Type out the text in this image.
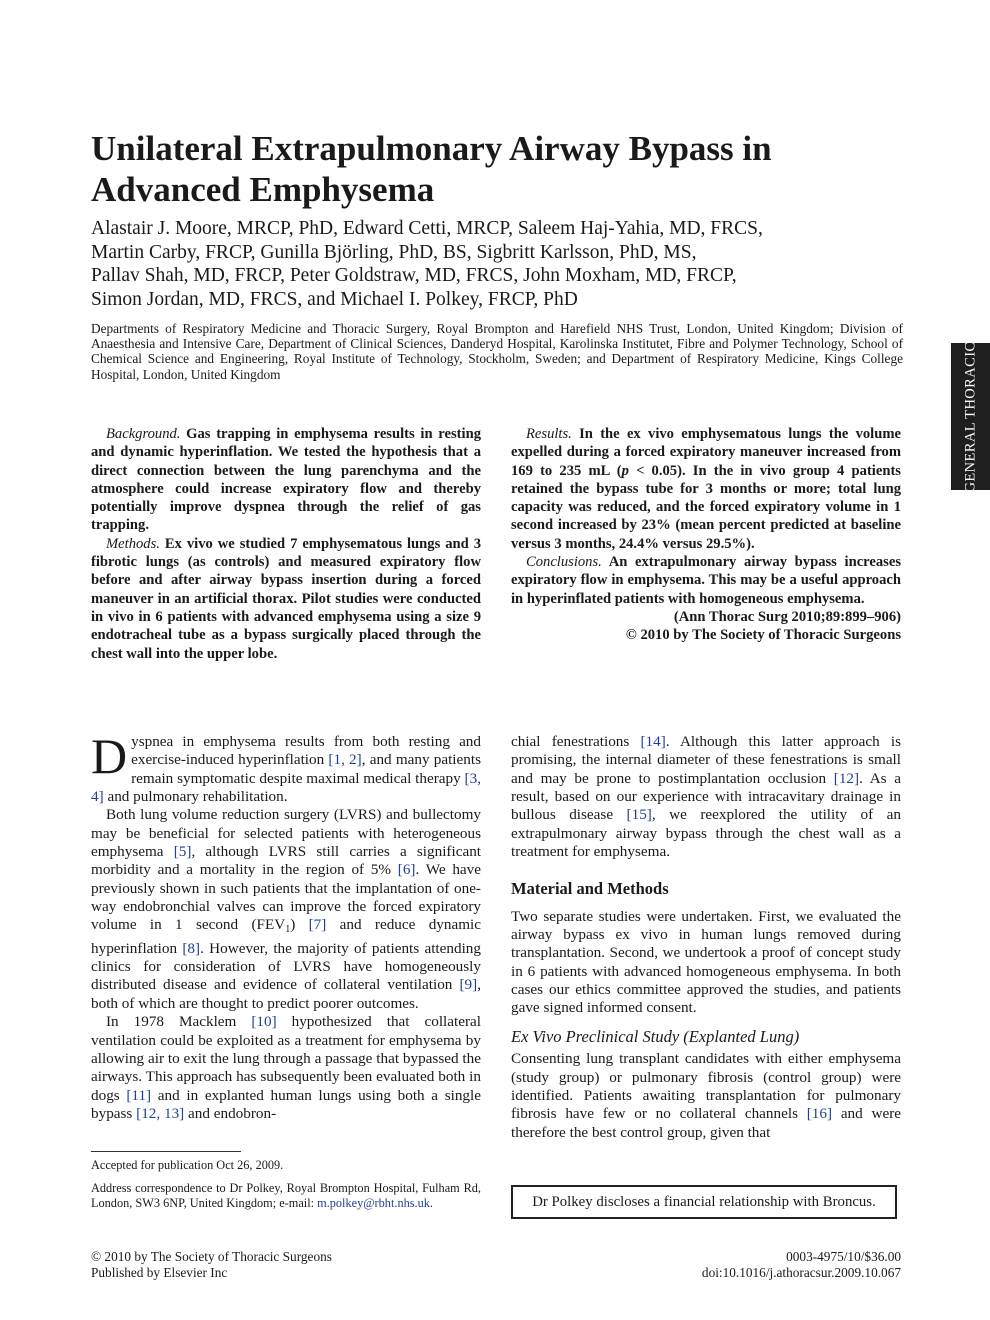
Unilateral Extrapulmonary Airway Bypass in Advanced Emphysema
Alastair J. Moore, MRCP, PhD, Edward Cetti, MRCP, Saleem Haj-Yahia, MD, FRCS,
Martin Carby, FRCP, Gunilla Björling, PhD, BS, Sigbritt Karlsson, PhD, MS,
Pallav Shah, MD, FRCP, Peter Goldstraw, MD, FRCS, John Moxham, MD, FRCP,
Simon Jordan, MD, FRCS, and Michael I. Polkey, FRCP, PhD

Departments of Respiratory Medicine and Thoracic Surgery, Royal Brompton and Harefield NHS Trust, London, United Kingdom; Division of Anaesthesia and Intensive Care, Department of Clinical Sciences, Danderyd Hospital, Karolinska Institutet, Fibre and Polymer Technology, School of Chemical Science and Engineering, Royal Institute of Technology, Stockholm, Sweden; and Department of Respiratory Medicine, Kings College Hospital, London, United Kingdom	GENERAL THORACIC

Background. Gas trapping in emphysema results in resting and dynamic hyperinflation. We tested the hypothesis that a direct connection between the lung parenchyma and the atmosphere could increase expiratory flow and thereby potentially improve dyspnea through the relief of gas trapping.

Methods. Ex vivo we studied 7 emphysematous lungs and 3 fibrotic lungs (as controls) and measured expiratory flow before and after airway bypass insertion during a forced maneuver in an artificial thorax. Pilot studies were conducted in vivo in 6 patients with advanced emphysema using a size 9 endotracheal tube as a bypass surgically placed through the chest wall into the upper lobe.

Results. In the ex vivo emphysematous lungs the volume expelled during a forced expiratory maneuver increased from 169 to 235 mL (p < 0.05). In the in vivo group 4 patients retained the bypass tube for 3 months or more; total lung capacity was reduced, and the forced expiratory volume in 1 second increased by 23% (mean percent predicted at baseline versus 3 months, 24.4% versus 29.5%).

Conclusions. An extrapulmonary airway bypass increases expiratory flow in emphysema. This may be a useful approach in hyperinflated patients with homogeneous emphysema.

(Ann Thorac Surg 2010;89:899–906)

© 2010 by The Society of Thoracic Surgeons

Dyspnea in emphysema results from both resting and exercise-induced hyperinflation [1, 2], and many patients remain symptomatic despite maximal medical therapy [3, 4] and pulmonary rehabilitation.

Both lung volume reduction surgery (LVRS) and bullectomy may be beneficial for selected patients with heterogeneous emphysema [5], although LVRS still carries a significant morbidity and a mortality in the region of 5% [6]. We have previously shown in such patients that the implantation of one-way endobronchial valves can improve the forced expiratory volume in 1 second (FEV1) [7] and reduce dynamic hyperinflation [8]. However, the majority of patients attending clinics for consideration of LVRS have homogeneously distributed disease and evidence of collateral ventilation [9], both of which are thought to predict poorer outcomes.

In 1978 Macklem [10] hypothesized that collateral ventilation could be exploited as a treatment for emphysema by allowing air to exit the lung through a passage that bypassed the airways. This approach has subsequently been evaluated both in dogs [11] and in explanted human lungs using both a single bypass [12, 13] and endobron-

chial fenestrations [14]. Although this latter approach is promising, the internal diameter of these fenestrations is small and may be prone to postimplantation occlusion [12]. As a result, based on our experience with intracavitary drainage in bullous disease [15], we reexplored the utility of an extrapulmonary airway bypass through the chest wall as a treatment for emphysema.

Material and Methods

Two separate studies were undertaken. First, we evaluated the airway bypass ex vivo in human lungs removed during transplantation. Second, we undertook a proof of concept study in 6 patients with advanced homogeneous emphysema. In both cases our ethics committee approved the studies, and patients gave signed informed consent.

Ex Vivo Preclinical Study (Explanted Lung)

Consenting lung transplant candidates with either emphysema (study group) or pulmonary fibrosis (control group) were identified. Patients awaiting transplantation for pulmonary fibrosis have few or no collateral channels [16] and were therefore the best control group, given that

Accepted for publication Oct 26, 2009.

Address correspondence to Dr Polkey, Royal Brompton Hospital, Fulham Rd, London, SW3 6NP, United Kingdom; e-mail: m.polkey@rbht.nhs.uk.	Dr Polkey discloses a financial relationship with Broncus.

© 2010 by The Society of Thoracic Surgeons
Published by Elsevier Inc

0003-4975/10/$36.00
doi:10.1016/j.athoracsur.2009.10.067
